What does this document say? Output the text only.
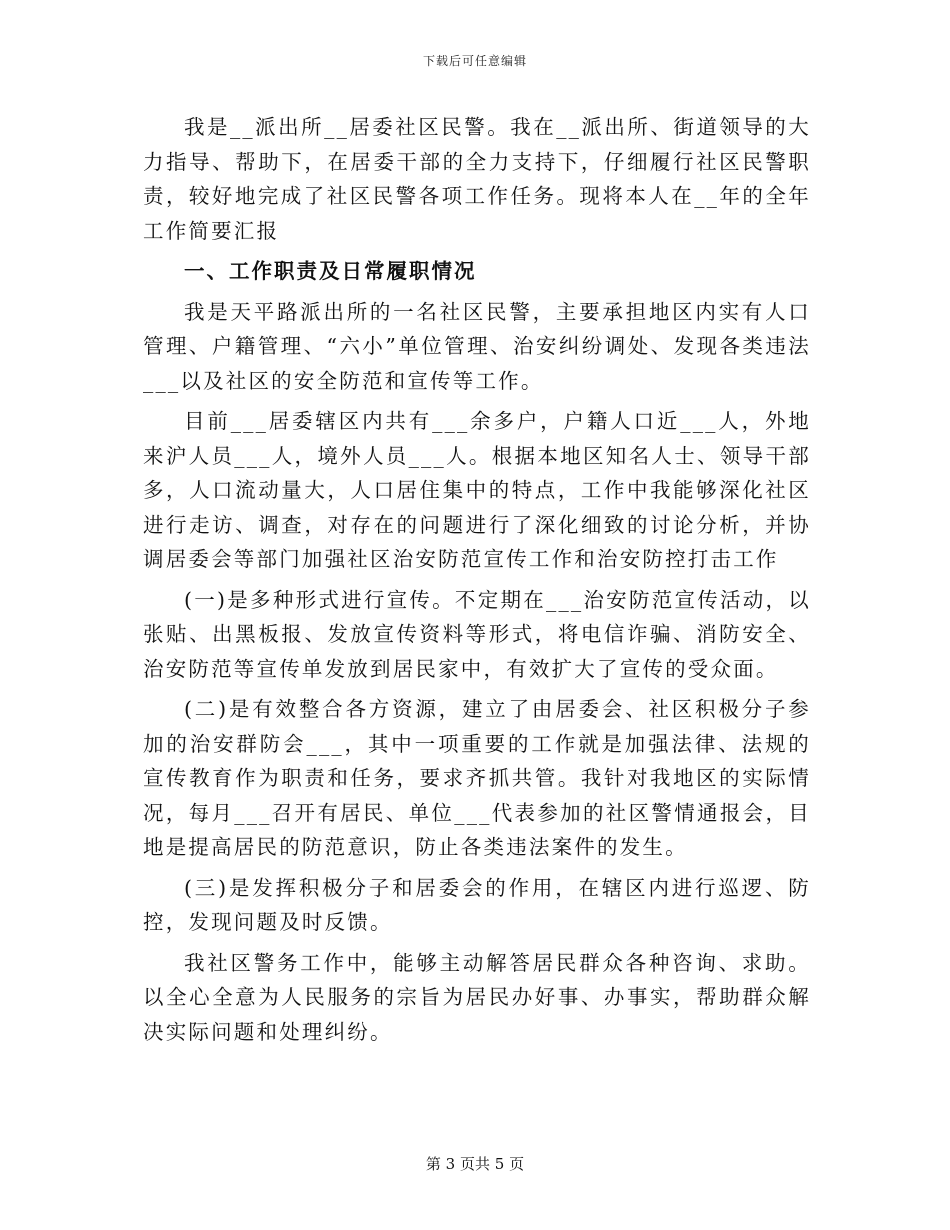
下载后可任意编辑

我是__派出所__居委社区民警。我在__派出所、街道领导的大力指导、帮助下，在居委干部的全力支持下，仔细履行社区民警职责，较好地完成了社区民警各项工作任务。现将本人在__年的全年工作简要汇报

一、工作职责及日常履职情况

我是天平路派出所的一名社区民警，主要承担地区内实有人口管理、户籍管理、“六小”单位管理、治安纠纷调处、发现各类违法___以及社区的安全防范和宣传等工作。

目前___居委辖区内共有___余多户，户籍人口近___人，外地来沪人员___人，境外人员___人。根据本地区知名人士、领导干部多，人口流动量大，人口居住集中的特点，工作中我能够深化社区进行走访、调查，对存在的问题进行了深化细致的讨论分析，并协调居委会等部门加强社区治安防范宣传工作和治安防控打击工作

(一)是多种形式进行宣传。不定期在___治安防范宣传活动，以张贴、出黑板报、发放宣传资料等形式，将电信诈骗、消防安全、治安防范等宣传单发放到居民家中，有效扩大了宣传的受众面。

(二)是有效整合各方资源，建立了由居委会、社区积极分子参加的治安群防会___，其中一项重要的工作就是加强法律、法规的宣传教育作为职责和任务，要求齐抓共管。我针对我地区的实际情况，每月___召开有居民、单位___代表参加的社区警情通报会，目地是提高居民的防范意识，防止各类违法案件的发生。

(三)是发挥积极分子和居委会的作用，在辖区内进行巡逻、防控，发现问题及时反馈。

我社区警务工作中，能够主动解答居民群众各种咨询、求助。以全心全意为人民服务的宗旨为居民办好事、办事实，帮助群众解决实际问题和处理纠纷。

第 3 页共 5 页
